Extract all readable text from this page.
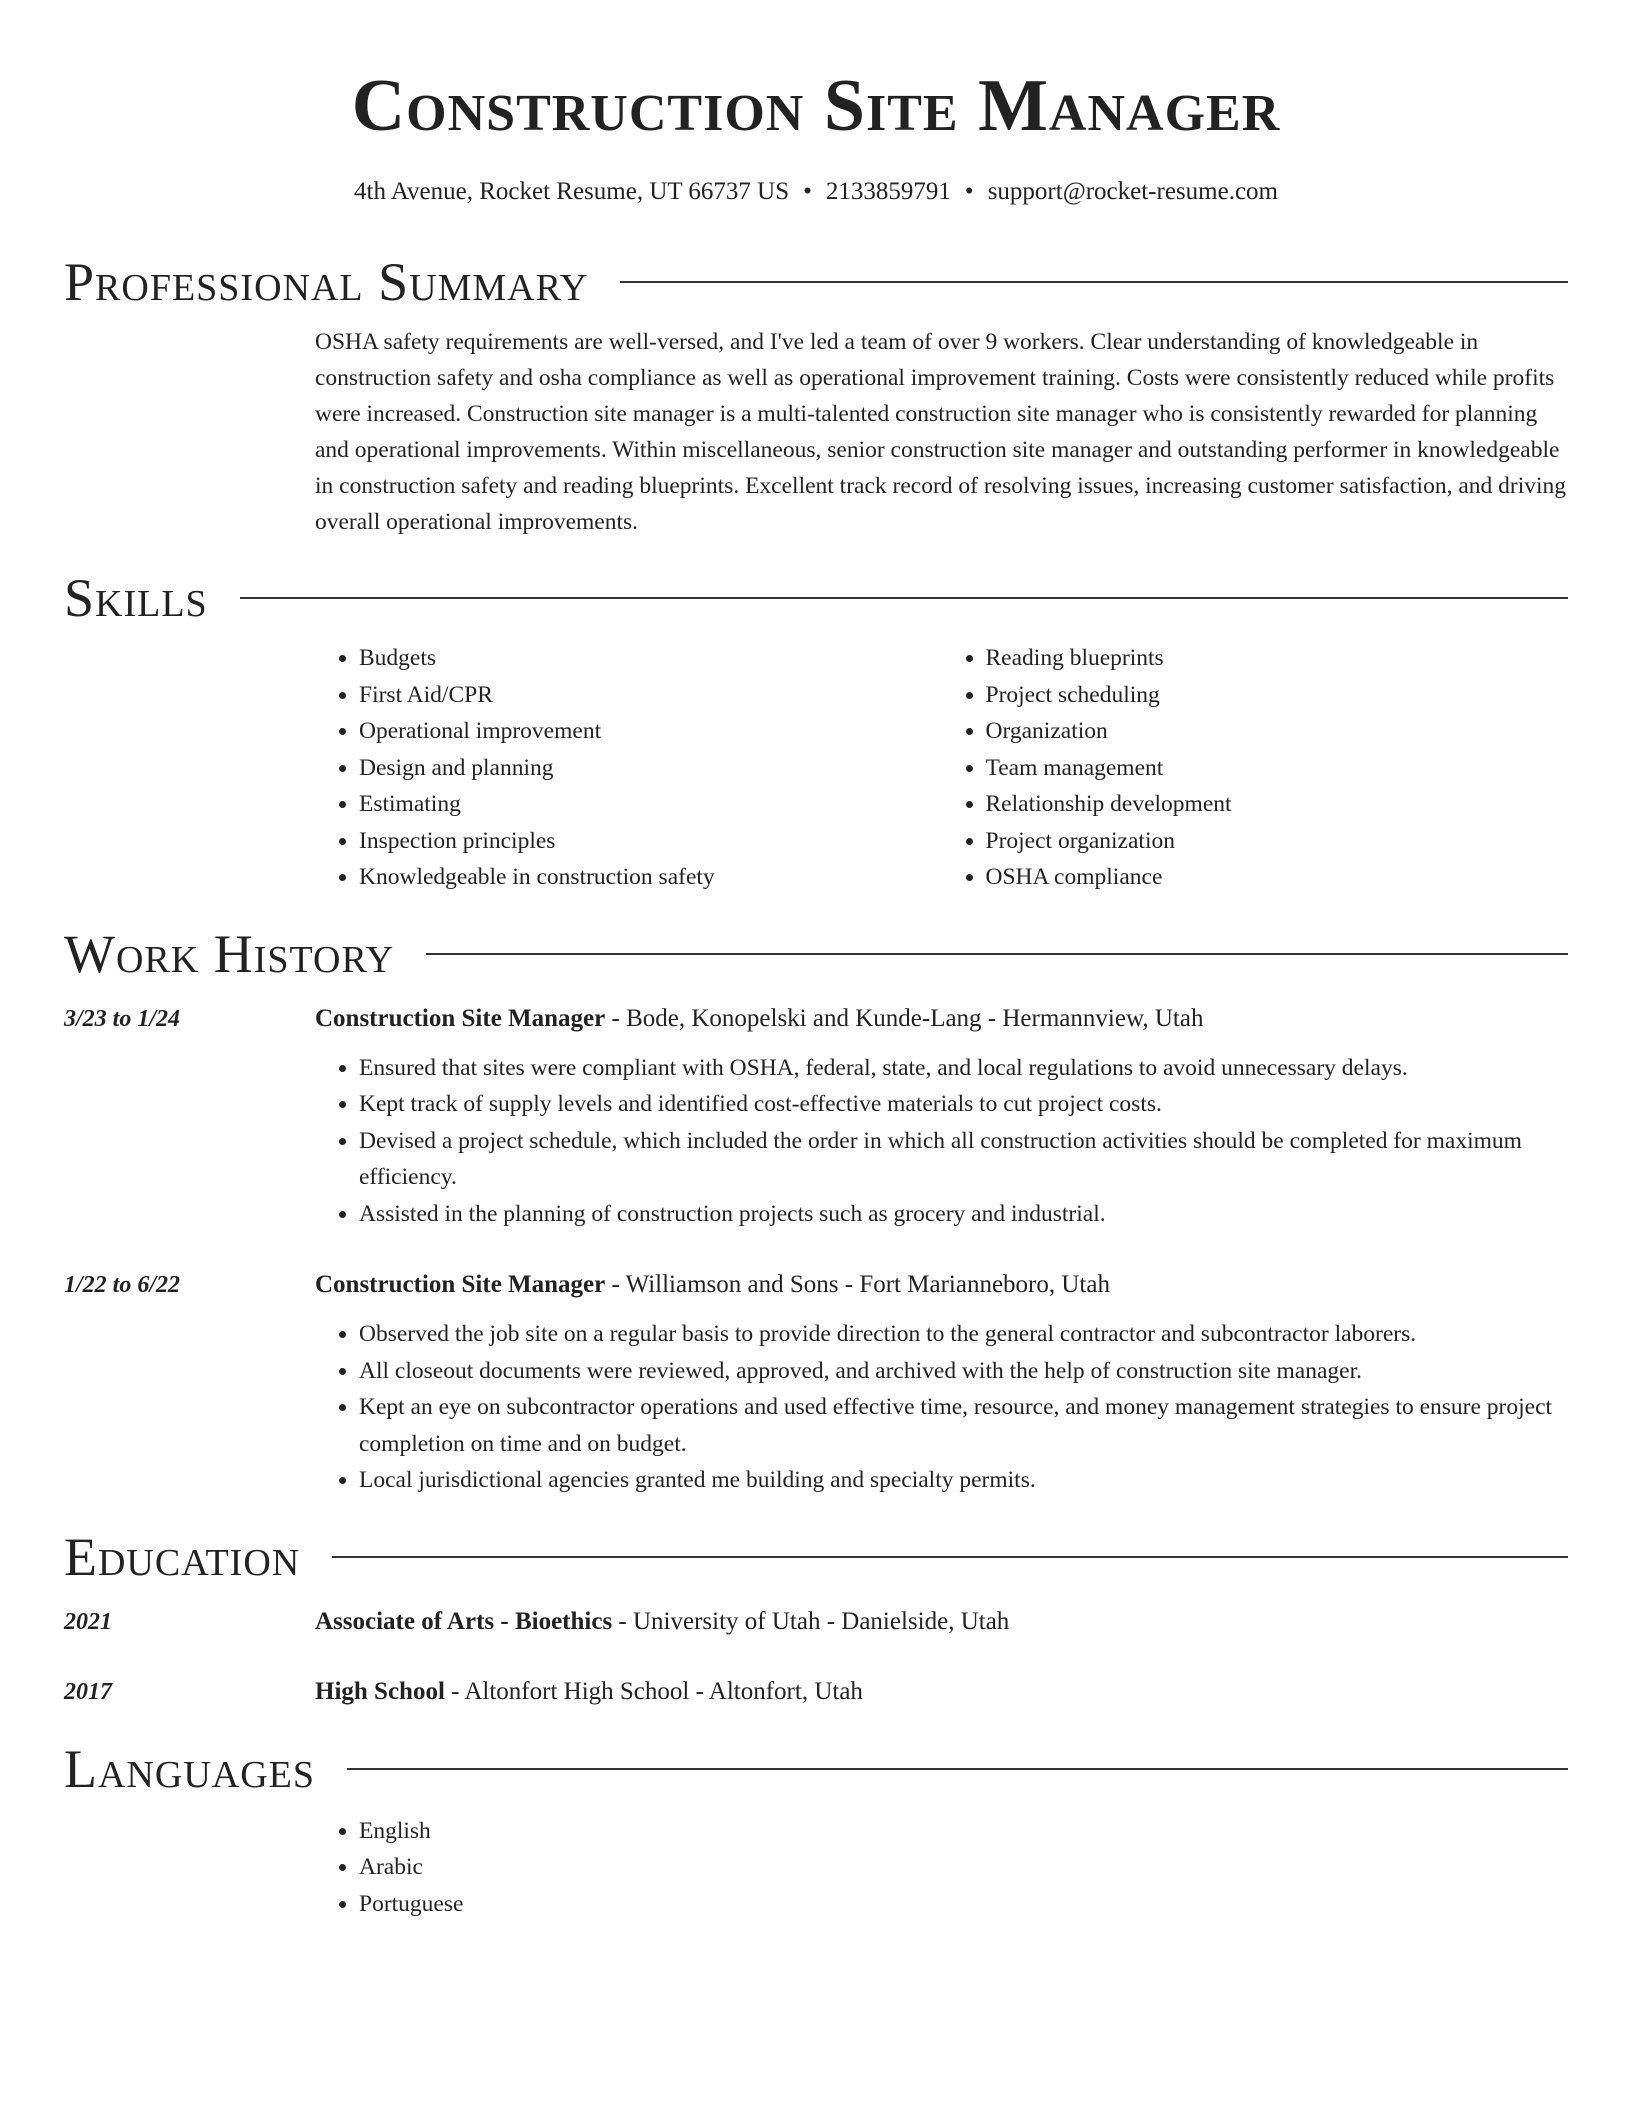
Construction Site Manager
4th Avenue, Rocket Resume, UT 66737 US • 2133859791 • support@rocket-resume.com
Professional Summary
OSHA safety requirements are well-versed, and I've led a team of over 9 workers. Clear understanding of knowledgeable in construction safety and osha compliance as well as operational improvement training. Costs were consistently reduced while profits were increased. Construction site manager is a multi-talented construction site manager who is consistently rewarded for planning and operational improvements. Within miscellaneous, senior construction site manager and outstanding performer in knowledgeable in construction safety and reading blueprints. Excellent track record of resolving issues, increasing customer satisfaction, and driving overall operational improvements.
Skills
• Budgets
• First Aid/CPR
• Operational improvement
• Design and planning
• Estimating
• Inspection principles
• Knowledgeable in construction safety
• Reading blueprints
• Project scheduling
• Organization
• Team management
• Relationship development
• Project organization
• OSHA compliance
Work History
3/23 to 1/24	Construction Site Manager - Bode, Konopelski and Kunde-Lang - Hermannview, Utah
• Ensured that sites were compliant with OSHA, federal, state, and local regulations to avoid unnecessary delays.
• Kept track of supply levels and identified cost-effective materials to cut project costs.
• Devised a project schedule, which included the order in which all construction activities should be completed for maximum efficiency.
• Assisted in the planning of construction projects such as grocery and industrial.
1/22 to 6/22	Construction Site Manager - Williamson and Sons - Fort Marianneboro, Utah
• Observed the job site on a regular basis to provide direction to the general contractor and subcontractor laborers.
• All closeout documents were reviewed, approved, and archived with the help of construction site manager.
• Kept an eye on subcontractor operations and used effective time, resource, and money management strategies to ensure project completion on time and on budget.
• Local jurisdictional agencies granted me building and specialty permits.
Education
2021	Associate of Arts - Bioethics - University of Utah - Danielside, Utah
2017	High School - Altonfort High School - Altonfort, Utah
Languages
• English
• Arabic
• Portuguese
